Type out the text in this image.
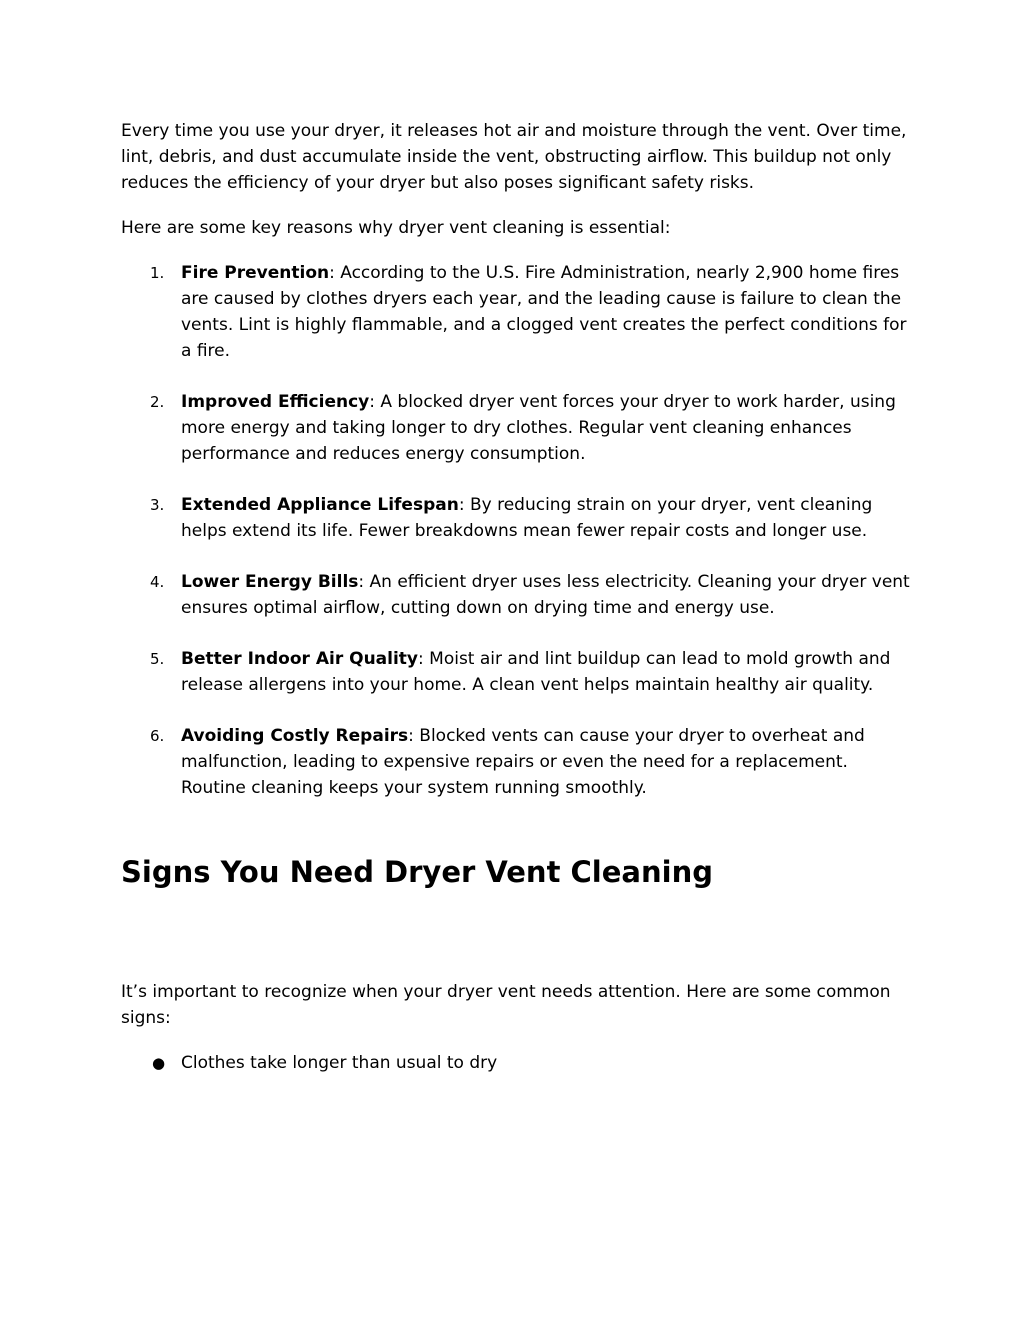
Every time you use your dryer, it releases hot air and moisture through the vent. Over time, lint, debris, and dust accumulate inside the vent, obstructing airflow. This buildup not only reduces the efficiency of your dryer but also poses significant safety risks.

Here are some key reasons why dryer vent cleaning is essential:

1. Fire Prevention: According to the U.S. Fire Administration, nearly 2,900 home fires are caused by clothes dryers each year, and the leading cause is failure to clean the vents. Lint is highly flammable, and a clogged vent creates the perfect conditions for a fire.
2. Improved Efficiency: A blocked dryer vent forces your dryer to work harder, using more energy and taking longer to dry clothes. Regular vent cleaning enhances performance and reduces energy consumption.
3. Extended Appliance Lifespan: By reducing strain on your dryer, vent cleaning helps extend its life. Fewer breakdowns mean fewer repair costs and longer use.
4. Lower Energy Bills: An efficient dryer uses less electricity. Cleaning your dryer vent ensures optimal airflow, cutting down on drying time and energy use.
5. Better Indoor Air Quality: Moist air and lint buildup can lead to mold growth and release allergens into your home. A clean vent helps maintain healthy air quality.
6. Avoiding Costly Repairs: Blocked vents can cause your dryer to overheat and malfunction, leading to expensive repairs or even the need for a replacement. Routine cleaning keeps your system running smoothly.
Signs You Need Dryer Vent Cleaning

It’s important to recognize when your dryer vent needs attention. Here are some common signs:

● Clothes take longer than usual to dry
